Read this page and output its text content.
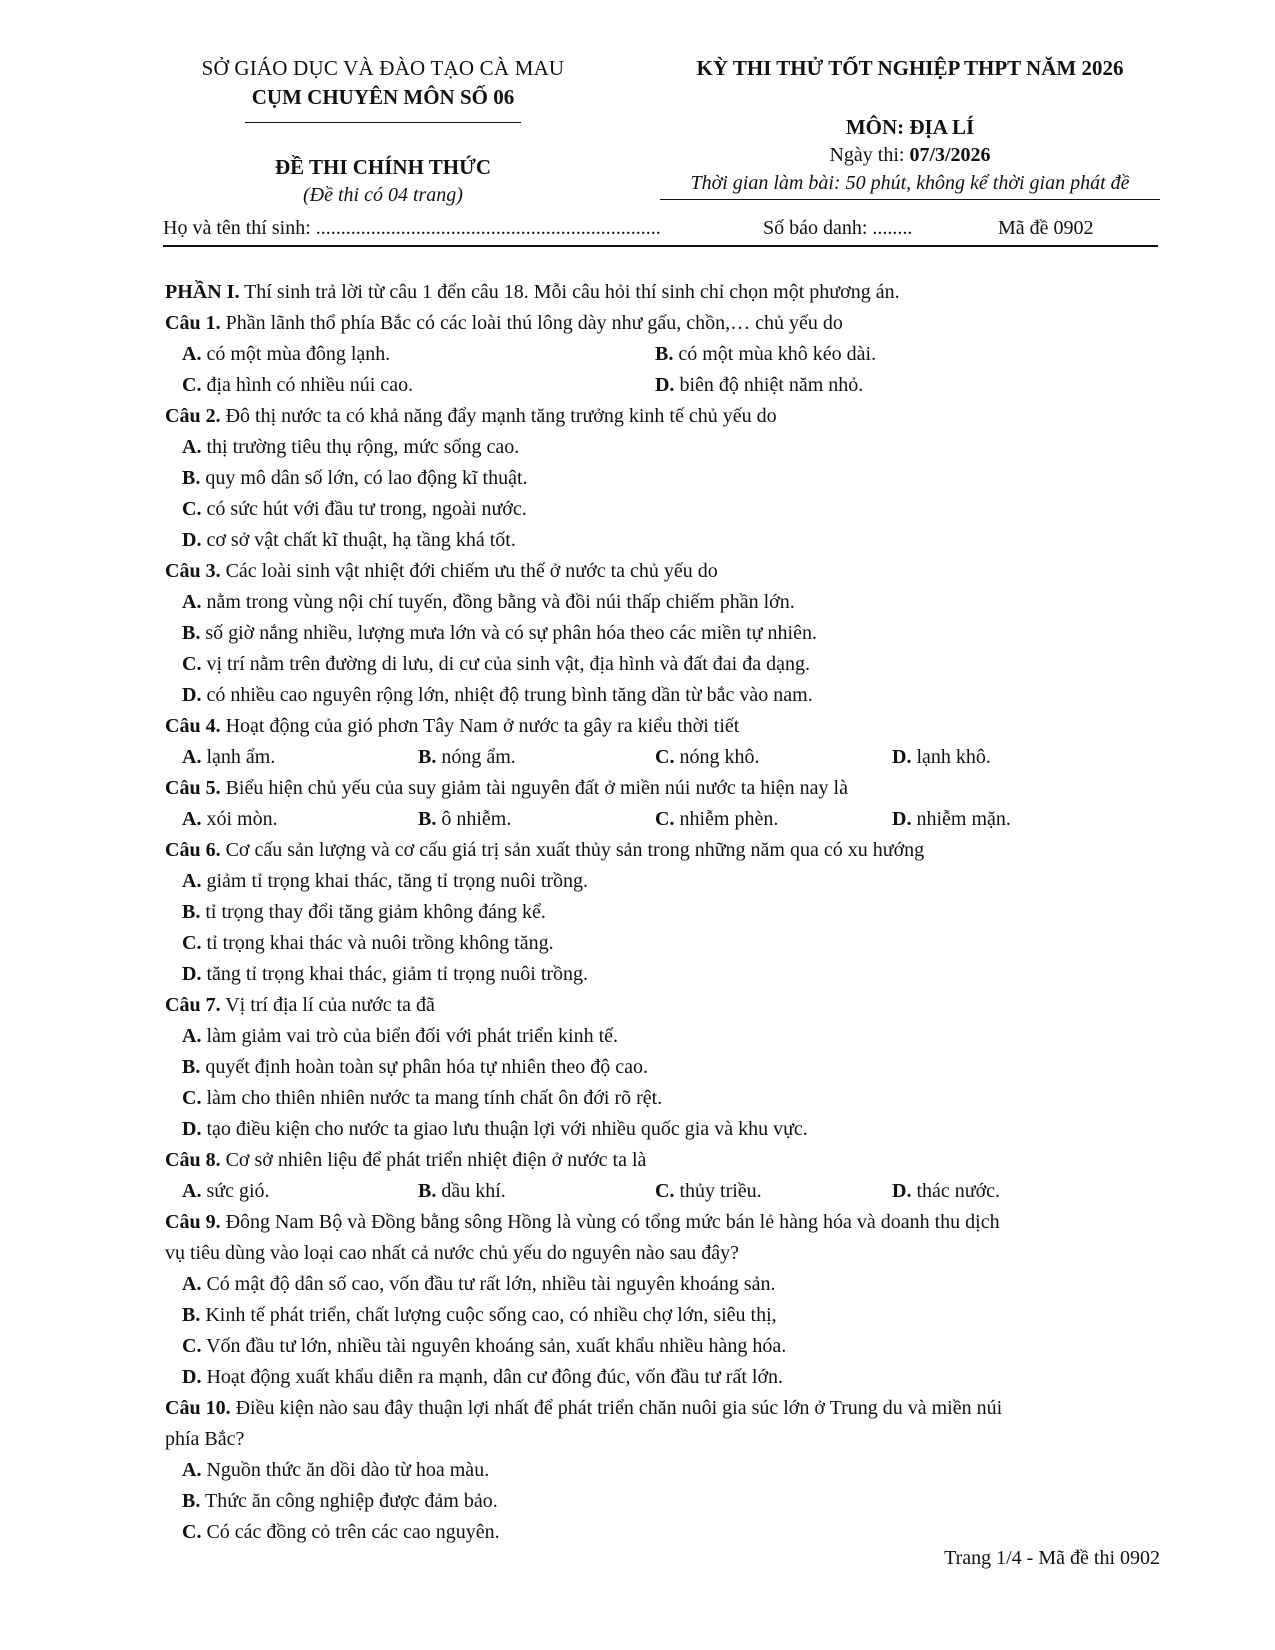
SỞ GIÁO DỤC VÀ ĐÀO TẠO CÀ MAU
CỤM CHUYÊN MÔN SỐ 06
ĐỀ THI CHÍNH THỨC
(Đề thi có 04 trang)
KỲ THI THỬ TỐT NGHIỆP THPT NĂM 2026
MÔN: ĐỊA LÍ
Ngày thi: 07/3/2026
Thời gian làm bài: 50 phút, không kể thời gian phát đề
Họ và tên thí sinh: .....................................................................	Số báo danh: ........	Mã đề 0902
PHẦN I. Thí sinh trả lời từ câu 1 đến câu 18. Mỗi câu hỏi thí sinh chỉ chọn một phương án.
Câu 1. Phần lãnh thổ phía Bắc có các loài thú lông dày như gấu, chồn,… chủ yếu do
A. có một mùa đông lạnh.	B. có một mùa khô kéo dài.
C. địa hình có nhiều núi cao.	D. biên độ nhiệt năm nhỏ.
Câu 2. Đô thị nước ta có khả năng đẩy mạnh tăng trưởng kinh tế chủ yếu do
A. thị trường tiêu thụ rộng, mức sống cao.
B. quy mô dân số lớn, có lao động kĩ thuật.
C. có sức hút với đầu tư trong, ngoài nước.
D. cơ sở vật chất kĩ thuật, hạ tầng khá tốt.
Câu 3. Các loài sinh vật nhiệt đới chiếm ưu thế ở nước ta chủ yếu do
A. nằm trong vùng nội chí tuyến, đồng bằng và đồi núi thấp chiếm phần lớn.
B. số giờ nắng nhiều, lượng mưa lớn và có sự phân hóa theo các miền tự nhiên.
C. vị trí nằm trên đường di lưu, di cư của sinh vật, địa hình và đất đai đa dạng.
D. có nhiều cao nguyên rộng lớn, nhiệt độ trung bình tăng dần từ bắc vào nam.
Câu 4. Hoạt động của gió phơn Tây Nam ở nước ta gây ra kiểu thời tiết
A. lạnh ẩm.	B. nóng ẩm.	C. nóng khô.	D. lạnh khô.
Câu 5. Biểu hiện chủ yếu của suy giảm tài nguyên đất ở miền núi nước ta hiện nay là
A. xói mòn.	B. ô nhiễm.	C. nhiễm phèn.	D. nhiễm mặn.
Câu 6. Cơ cấu sản lượng và cơ cấu giá trị sản xuất thủy sản trong những năm qua có xu hướng
A. giảm tỉ trọng khai thác, tăng tỉ trọng nuôi trồng.
B. tỉ trọng thay đổi tăng giảm không đáng kể.
C. tỉ trọng khai thác và nuôi trồng không tăng.
D. tăng tỉ trọng khai thác, giảm tỉ trọng nuôi trồng.
Câu 7. Vị trí địa lí của nước ta đã
A. làm giảm vai trò của biển đối với phát triển kinh tế.
B. quyết định hoàn toàn sự phân hóa tự nhiên theo độ cao.
C. làm cho thiên nhiên nước ta mang tính chất ôn đới rõ rệt.
D. tạo điều kiện cho nước ta giao lưu thuận lợi với nhiều quốc gia và khu vực.
Câu 8. Cơ sở nhiên liệu để phát triển nhiệt điện ở nước ta là
A. sức gió.	B. dầu khí.	C. thủy triều.	D. thác nước.
Câu 9. Đông Nam Bộ và Đồng bằng sông Hồng là vùng có tổng mức bán lẻ hàng hóa và doanh thu dịch
vụ tiêu dùng vào loại cao nhất cả nước chủ yếu do nguyên nào sau đây?
A. Có mật độ dân số cao, vốn đầu tư rất lớn, nhiều tài nguyên khoáng sản.
B. Kinh tế phát triển, chất lượng cuộc sống cao, có nhiều chợ lớn, siêu thị,
C. Vốn đầu tư lớn, nhiều tài nguyên khoáng sản, xuất khẩu nhiều hàng hóa.
D. Hoạt động xuất khẩu diễn ra mạnh, dân cư đông đúc, vốn đầu tư rất lớn.
Câu 10. Điều kiện nào sau đây thuận lợi nhất để phát triển chăn nuôi gia súc lớn ở Trung du và miền núi
phía Bắc?
A. Nguồn thức ăn dồi dào từ hoa màu.
B. Thức ăn công nghiệp được đảm bảo.
C. Có các đồng cỏ trên các cao nguyên.
Trang 1/4 - Mã đề thi 0902
